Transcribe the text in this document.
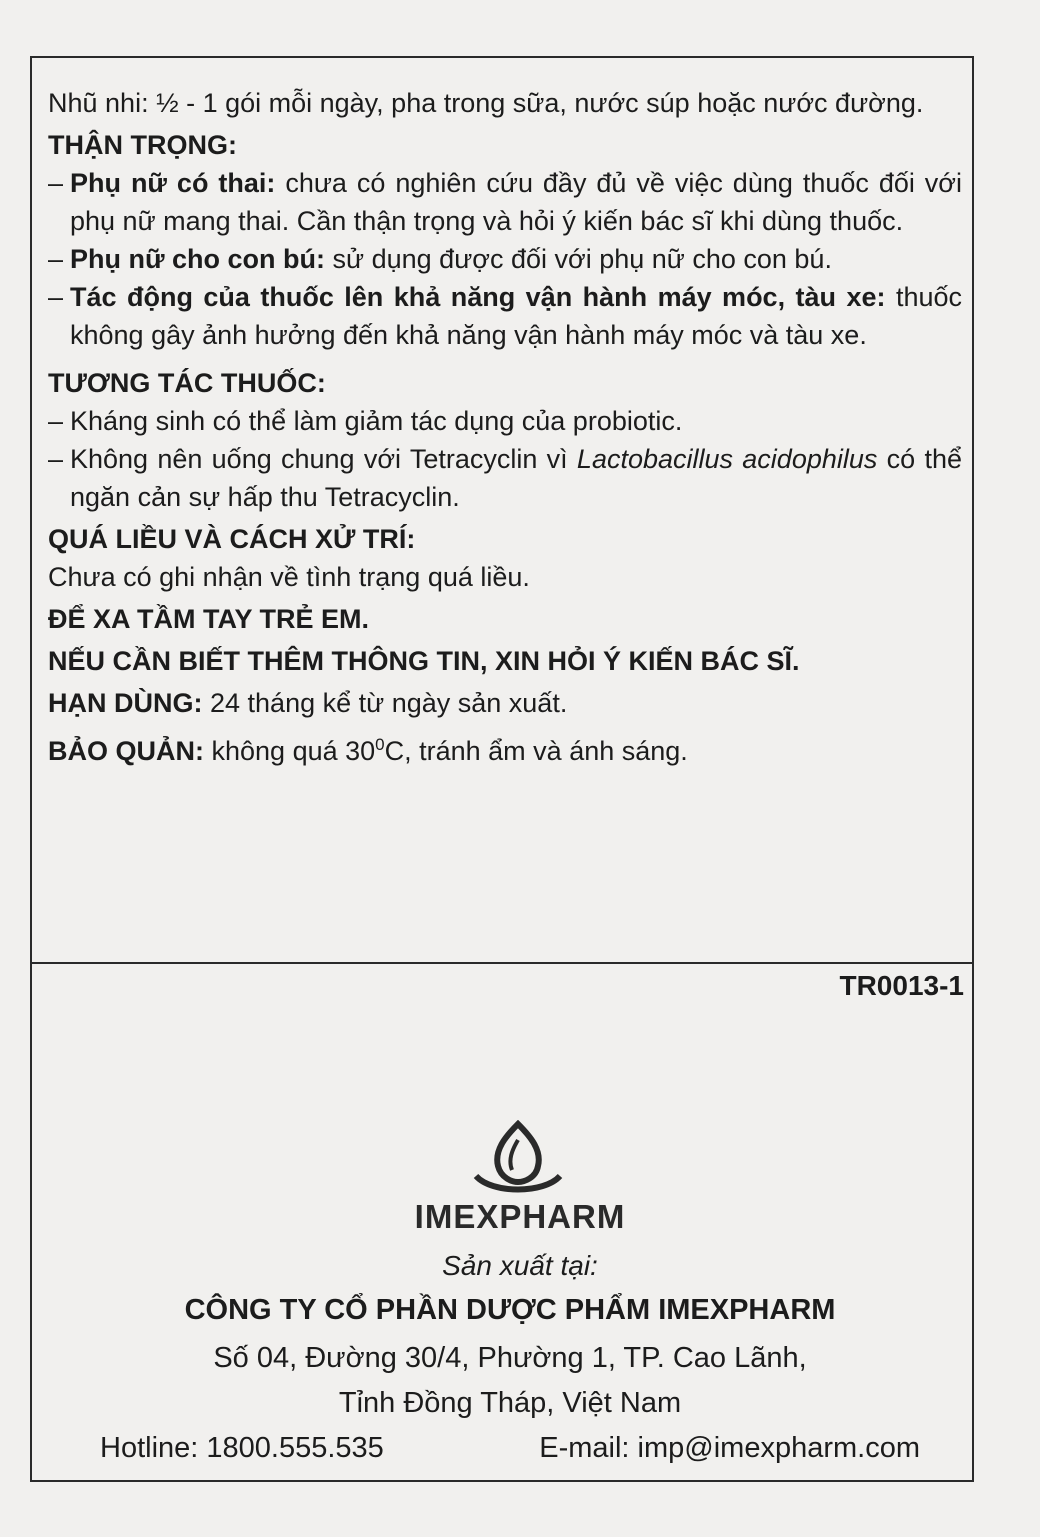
Nhũ nhi: ½ - 1 gói mỗi ngày, pha trong sữa, nước súp hoặc nước đường.

THẬN TRỌNG:

– Phụ nữ có thai: chưa có nghiên cứu đầy đủ về việc dùng thuốc đối với phụ nữ mang thai. Cần thận trọng và hỏi ý kiến bác sĩ khi dùng thuốc.

– Phụ nữ cho con bú: sử dụng được đối với phụ nữ cho con bú.

– Tác động của thuốc lên khả năng vận hành máy móc, tàu xe: thuốc không gây ảnh hưởng đến khả năng vận hành máy móc và tàu xe.

TƯƠNG TÁC THUỐC:

– Kháng sinh có thể làm giảm tác dụng của probiotic.

– Không nên uống chung với Tetracyclin vì Lactobacillus acidophilus có thể ngăn cản sự hấp thu Tetracyclin.

QUÁ LIỀU VÀ CÁCH XỬ TRÍ:

Chưa có ghi nhận về tình trạng quá liều.

ĐỂ XA TẦM TAY TRẺ EM.

NẾU CẦN BIẾT THÊM THÔNG TIN, XIN HỎI Ý KIẾN BÁC SĨ.

HẠN DÙNG: 24 tháng kể từ ngày sản xuất.

BẢO QUẢN: không quá $30^0C$, tránh ẩm và ánh sáng.

TR0013-1
IMEXPHARM
Sản xuất tại:
CÔNG TY CỔ PHẦN DƯỢC PHẨM IMEXPHARM
Số 04, Đường 30/4, Phường 1, TP. Cao Lãnh,
Tỉnh Đồng Tháp, Việt Nam
Hotline: 1800.555.535	E-mail: imp@imexpharm.com
